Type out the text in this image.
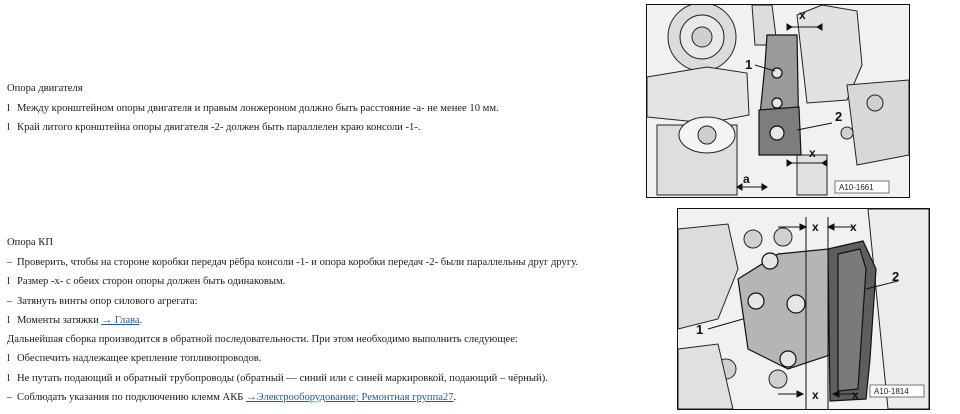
Опора двигателя
l Между кронштейном опоры двигателя и правым лонжероном должно быть расстояние -a- не менее 10 мм.
l Край литого кронштейна опоры двигателя -2- должен быть параллелен краю консоли -1-.
Опора КП
– Проверить, чтобы на стороне коробки передач рёбра консоли -1- и опора коробки передач -2- были параллельны друг другу.
l Размер -x- с обеих сторон опоры должен быть одинаковым.
– Затянуть винты опор силового агрегата:
l Моменты затяжки → Глава.
Дальнейшая сборка производится в обратной последовательности. При этом необходимо выполнить следующее:
l Обеспечить надлежащее крепление топливопроводов.
l Не путать подающий и обратный трубопроводы (обратный — синий или с синей маркировкой, подающий – чёрный).
– Соблюдать указания по подключению клемм АКБ →Электрооборудование; Ремонтная группа27.
1
2
x
x
a
A10-1661
1
2
x	x
x	x A10-1814
